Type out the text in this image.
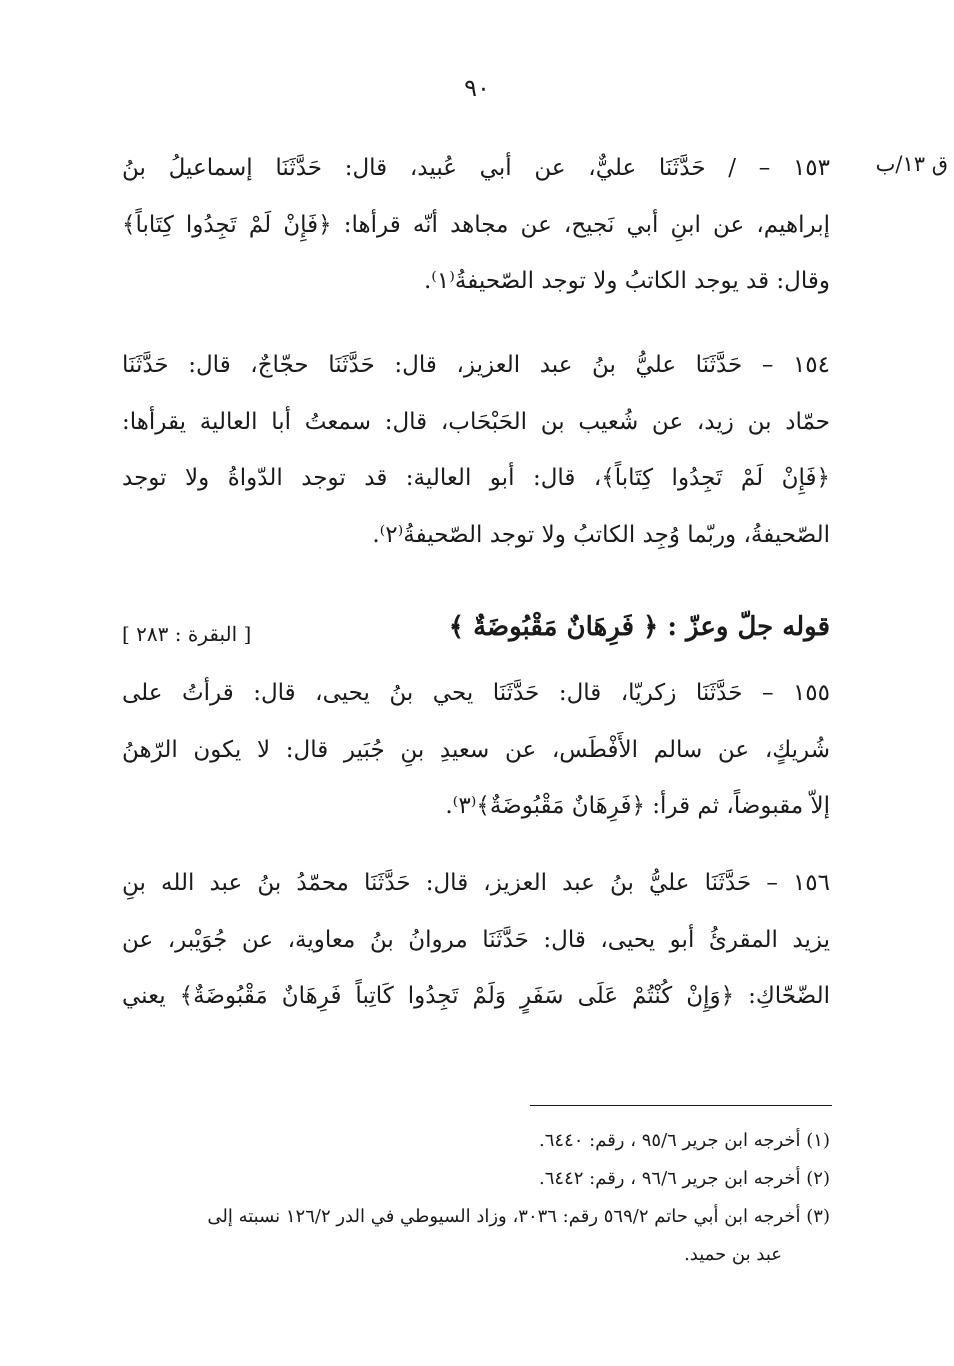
٩٠
ق ١٣/ب
١٥٣ – / حَدَّثَنَا عليٌّ، عن أبي عُبيد، قال: حَدَّثَنَا إسماعيلُ بنُ
إبراهيم، عن ابنِ أبي نَجيح، عن مجاهد أنّه قرأها: ﴿فَإِنْ لَمْ تَجِدُوا كِتَاباً﴾
وقال: قد يوجد الكاتبُ ولا توجد الصّحيفةُ⁽١⁾.
١٥٤ – حَدَّثَنَا عليُّ بنُ عبد العزيز، قال: حَدَّثَنَا حجّاجٌ، قال: حَدَّثَنَا
حمّاد بن زيد، عن شُعيب بن الحَبْحَاب، قال: سمعتُ أبا العالية يقرأها:
﴿فَإِنْ لَمْ تَجِدُوا كِتَاباً﴾، قال: أبو العالية: قد توجد الدّواةُ ولا توجد
الصّحيفةُ، وربّما وُجِد الكاتبُ ولا توجد الصّحيفةُ⁽٢⁾.
قوله جلّ وعزّ : ﴿ فَرِهَانٌ مَقْبُوضَةٌ ﴾
[ البقرة : ٢٨٣ ]
١٥٥ – حَدَّثَنَا زكريّا، قال: حَدَّثَنَا يحي بنُ يحيى، قال: قرأتُ على
شُريكٍ، عن سالم الأَفْطَس، عن سعيدِ بنِ جُبَير قال: لا يكون الرّهنُ
إلاّ مقبوضاً، ثم قرأ: ﴿فَرِهَانٌ مَقْبُوضَةٌ﴾⁽٣⁾.
١٥٦ – حَدَّثَنَا عليُّ بنُ عبد العزيز، قال: حَدَّثَنَا محمّدُ بنُ عبد الله بنِ
يزيد المقرئُ أبو يحيى، قال: حَدَّثَنَا مروانُ بنُ معاوية، عن جُوَيْبر، عن
الضّحّاكِ: ﴿وَإِنْ كُنْتُمْ عَلَى سَفَرٍ وَلَمْ تَجِدُوا كَاتِباً فَرِهَانٌ مَقْبُوضَةٌ﴾ يعني
(١) أخرجه ابن جرير ٩٥/٦ ، رقم: ٦٤٤٠.
(٢) أخرجه ابن جرير ٩٦/٦ ، رقم: ٦٤٤٢.
(٣) أخرجه ابن أبي حاتم ٥٦٩/٢ رقم: ٣٠٣٦، وزاد السيوطي في الدر ١٢٦/٢ نسبته إلى
عبد بن حميد.
